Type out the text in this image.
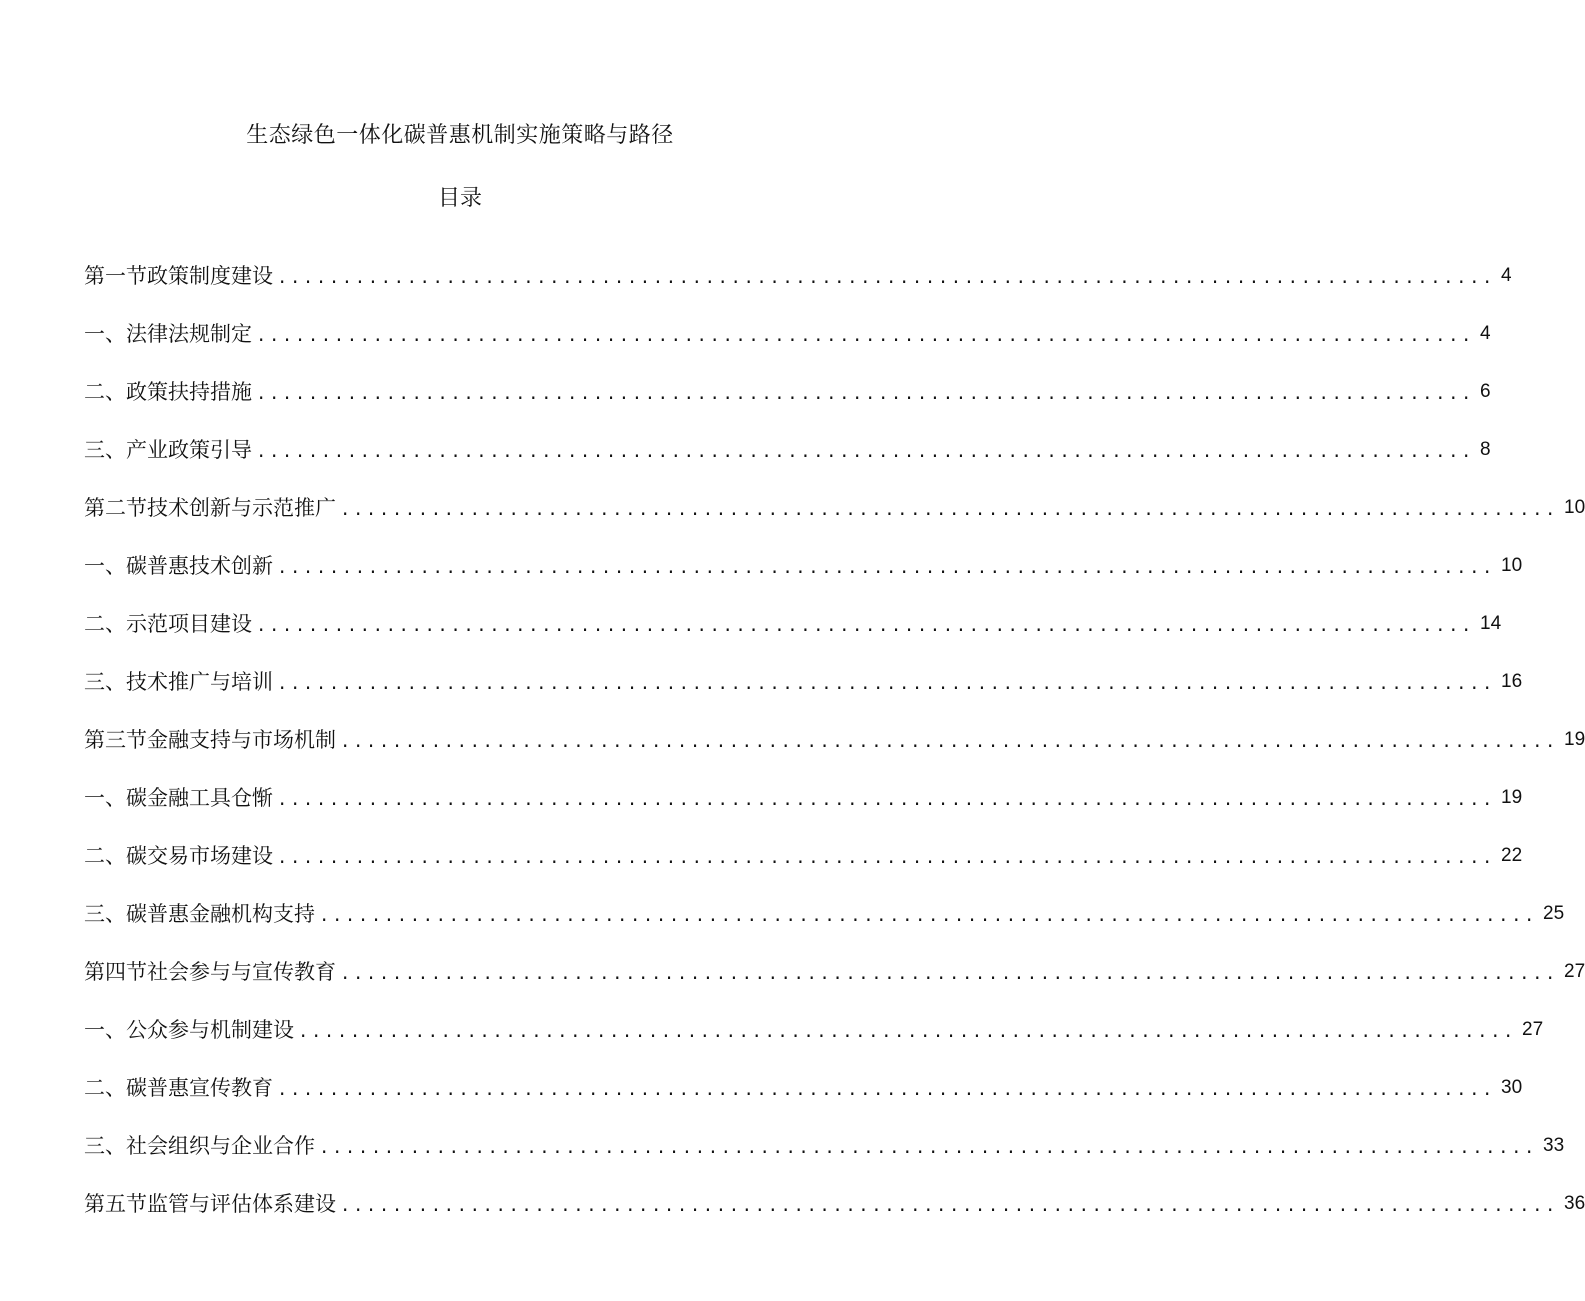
生态绿色一体化碳普惠机制实施策略与路径
目录
第一节政策制度建设 .............................................................................................. 4
一、法律法规制定 .............................................................................................. 4
二、政策扶持措施 .............................................................................................. 6
三、产业政策引导 .............................................................................................. 8
第二节技术创新与示范推广 .............................................................................................. 10
一、碳普惠技术创新 .............................................................................................. 10
二、示范项目建设 .............................................................................................. 14
三、技术推广与培训 .............................................................................................. 16
第三节金融支持与市场机制 .............................................................................................. 19
一、碳金融工具仓惭 .............................................................................................. 19
二、碳交易市场建设 .............................................................................................. 22
三、碳普惠金融机构支持 .............................................................................................. 25
第四节社会参与与宣传教育 .............................................................................................. 27
一、公众参与机制建设 .............................................................................................. 27
二、碳普惠宣传教育 .............................................................................................. 30
三、社会组织与企业合作 .............................................................................................. 33
第五节监管与评估体系建设 .............................................................................................. 36
